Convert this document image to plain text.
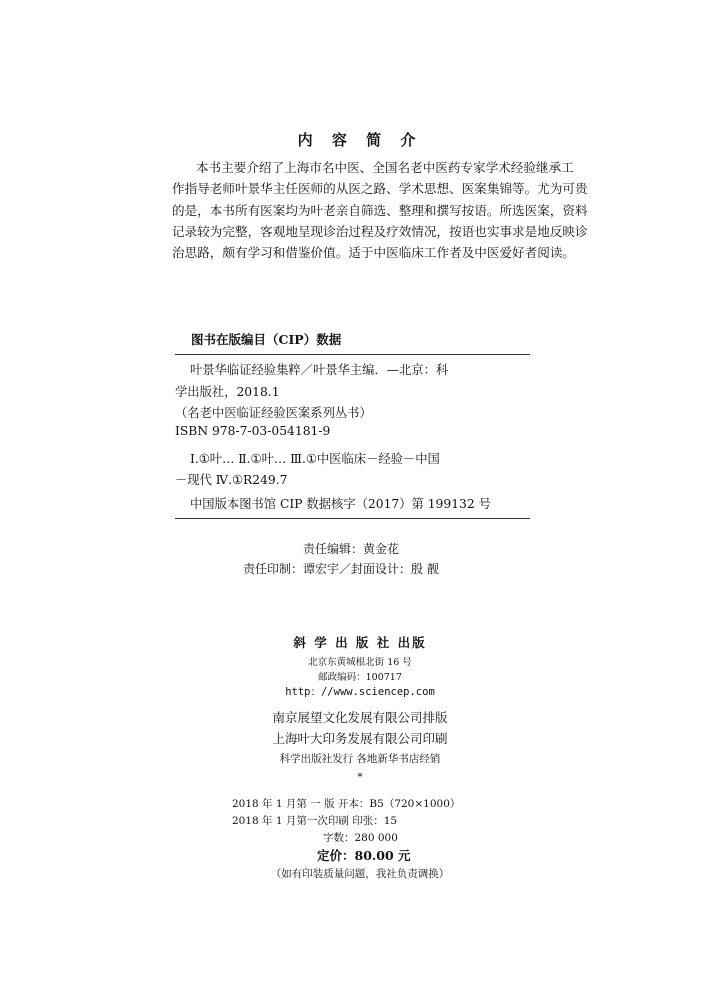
内 容 简 介
本书主要介绍了上海市名中医、全国名老中医药专家学术经验继承工
作指导老师叶景华主任医师的从医之路、学术思想、医案集锦等。尤为可贵
的是，本书所有医案均为叶老亲自筛选、整理和撰写按语。所选医案，资料
记录较为完整，客观地呈现诊治过程及疗效情况，按语也实事求是地反映诊
治思路，颇有学习和借鉴价值。适于中医临床工作者及中医爱好者阅读。
图书在版编目（CIP）数据
叶景华临证经验集粹／叶景华主编．—北京：科
学出版社，2018.1
（名老中医临证经验医案系列丛书）
ISBN 978-7-03-054181-9
Ⅰ.①叶… Ⅱ.①叶… Ⅲ.①中医临床－经验－中国
－现代 Ⅳ.①R249.7
中国版本图书馆 CIP 数据核字（2017）第 199132 号
责任编辑：黄金花
责任印制：谭宏宇／封面设计：殷 靓
斜 学 出 版 社 出版
北京东黄城根北街 16 号
邮政编码：100717
http：//www.sciencep.com
南京展望文化发展有限公司排版
上海叶大印务发展有限公司印刷
科学出版社发行 各地新华书店经销
*
2018 年 1 月第 一 版 开本：B5（720×1000）
2018 年 1 月第一次印刷 印张：15
字数：280 000
定价：80.00 元
（如有印装质量问题，我社负责调换）
